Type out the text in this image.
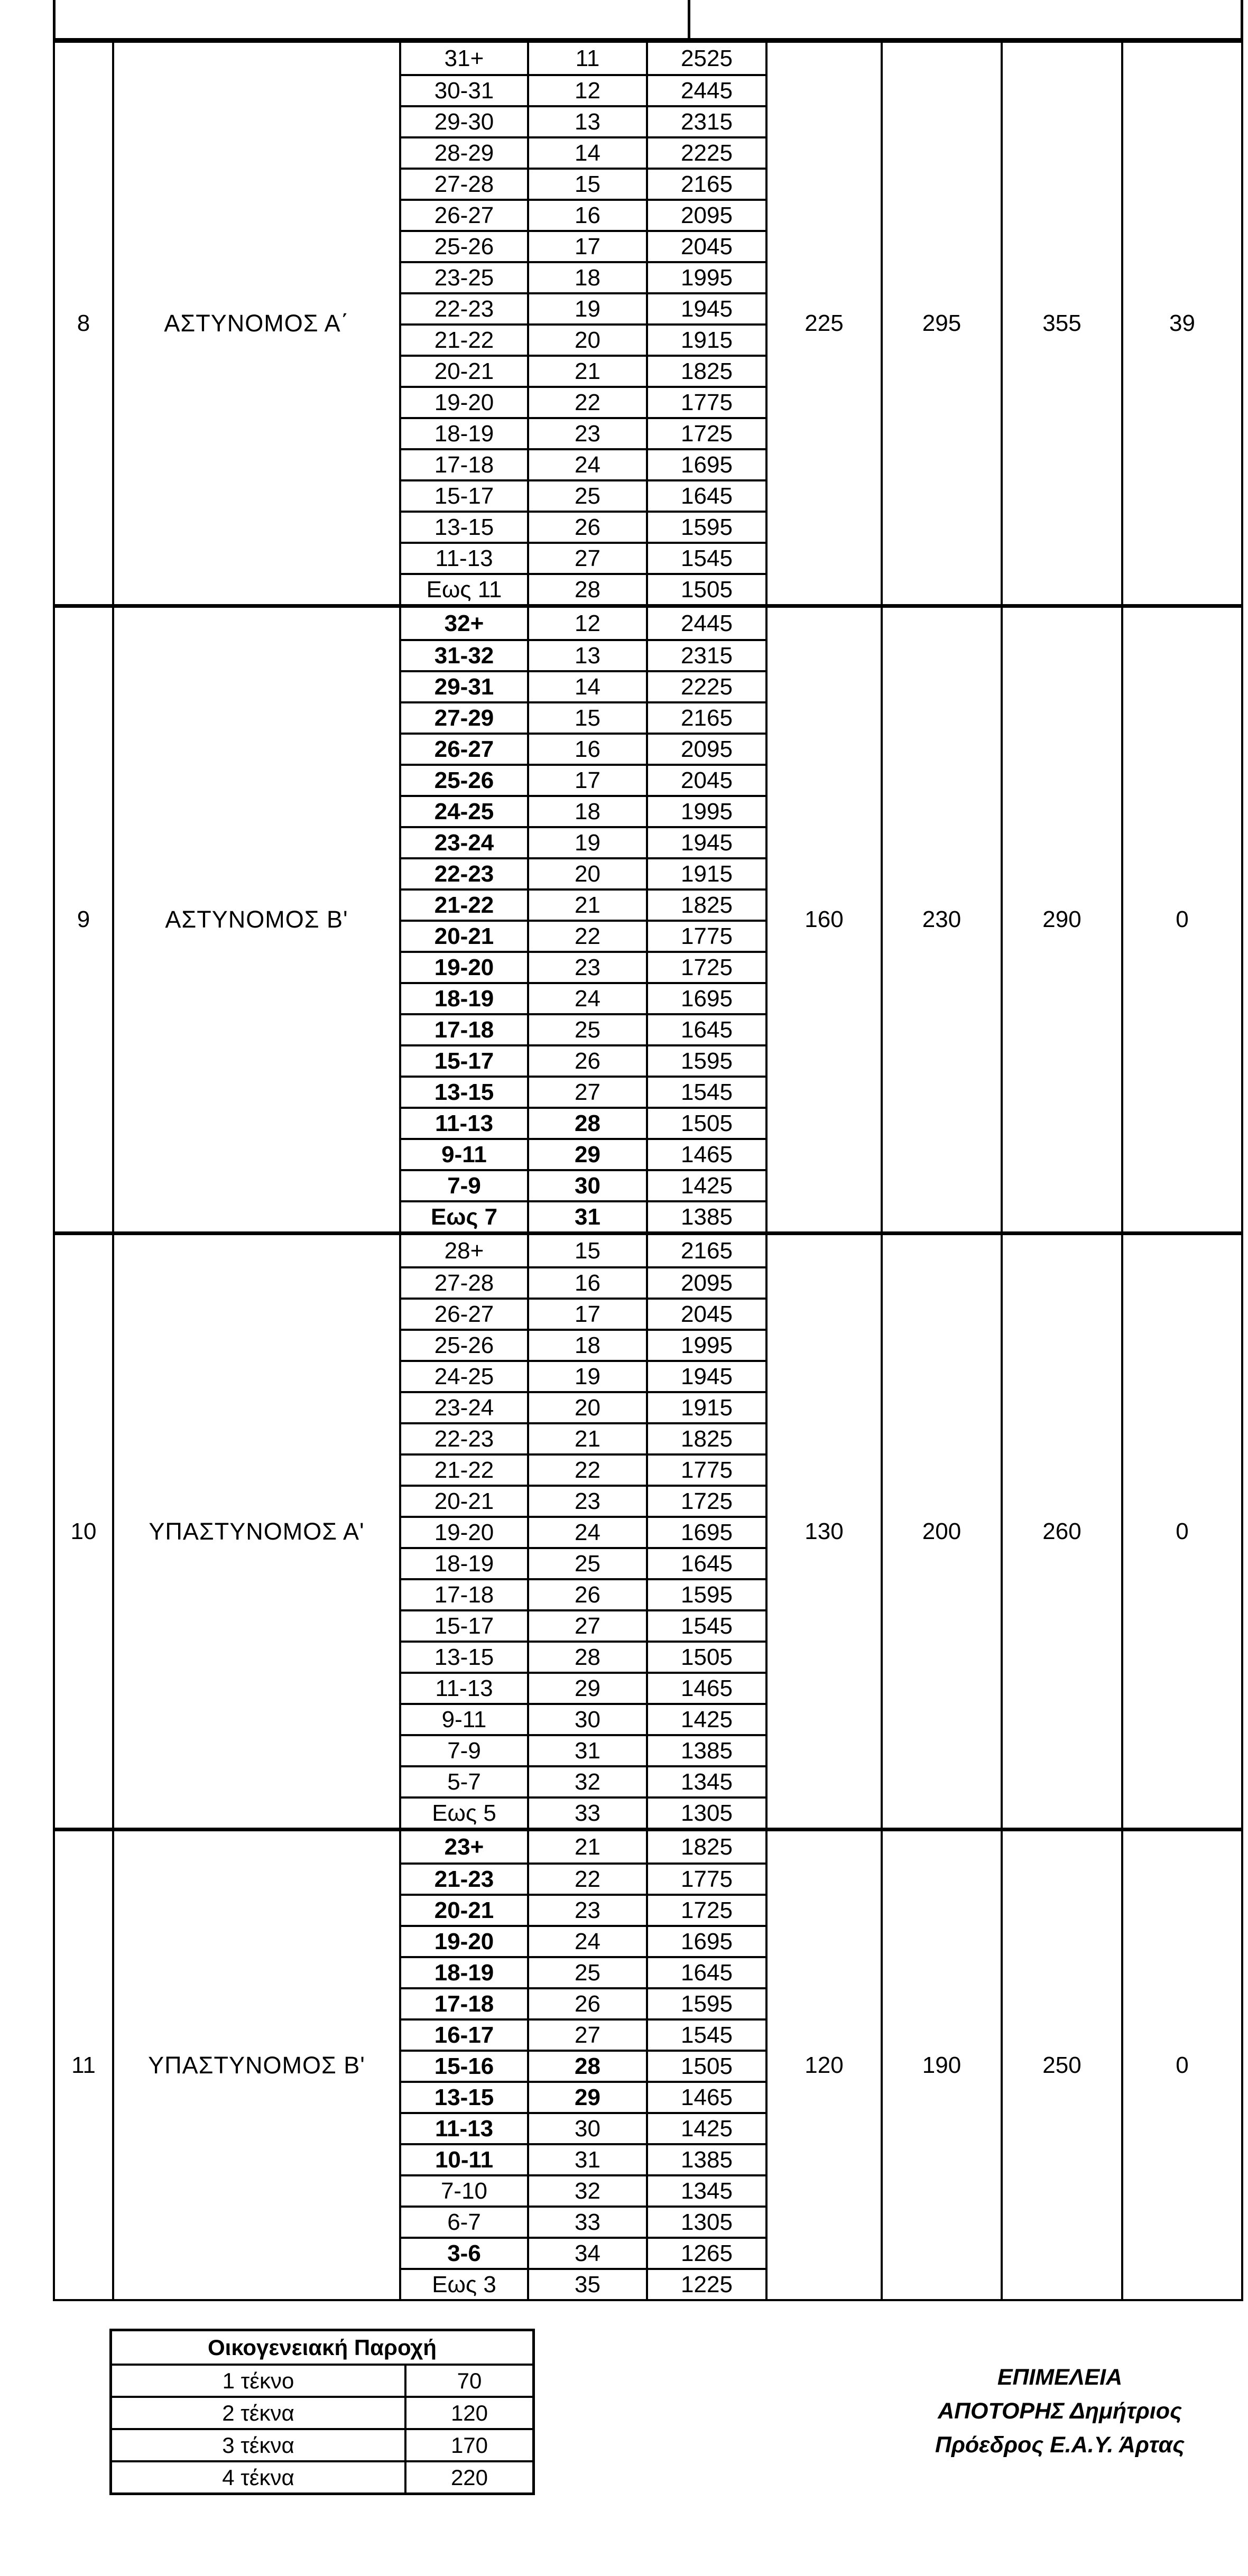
8	ΑΣΤΥΝΟΜΟΣ Α΄
31+	11	2525
30-31	12	2445
29-30	13	2315
28-29	14	2225
27-28	15	2165
26-27	16	2095
25-26	17	2045
23-25	18	1995
22-23	19	1945
21-22	20	1915
20-21	21	1825
19-20	22	1775
18-19	23	1725
17-18	24	1695
15-17	25	1645
13-15	26	1595
11-13	27	1545
Εως 11	28	1505
225	295	355	39
9	ΑΣΤΥΝΟΜΟΣ Β'
32+	12	2445
31-32	13	2315
29-31	14	2225
27-29	15	2165
26-27	16	2095
25-26	17	2045
24-25	18	1995
23-24	19	1945
22-23	20	1915
21-22	21	1825
20-21	22	1775
19-20	23	1725
18-19	24	1695
17-18	25	1645
15-17	26	1595
13-15	27	1545
11-13	28	1505
9-11	29	1465
7-9	30	1425
Εως 7	31	1385
160	230	290	0
10	ΥΠΑΣΤΥΝΟΜΟΣ Α'
28+	15	2165
27-28	16	2095
26-27	17	2045
25-26	18	1995
24-25	19	1945
23-24	20	1915
22-23	21	1825
21-22	22	1775
20-21	23	1725
19-20	24	1695
18-19	25	1645
17-18	26	1595
15-17	27	1545
13-15	28	1505
11-13	29	1465
9-11	30	1425
7-9	31	1385
5-7	32	1345
Εως 5	33	1305
130	200	260	0
11	ΥΠΑΣΤΥΝΟΜΟΣ Β'
23+	21	1825
21-23	22	1775
20-21	23	1725
19-20	24	1695
18-19	25	1645
17-18	26	1595
16-17	27	1545
15-16	28	1505
13-15	29	1465
11-13	30	1425
10-11	31	1385
7-10	32	1345
6-7	33	1305
3-6	34	1265
Εως 3	35	1225
120	190	250	0
Οικογενειακή Παροχή
1 τέκνο	70
2 τέκνα	120
3 τέκνα	170
4 τέκνα	220
ΕΠΙΜΕΛΕΙΑ
ΑΠΟΤΟΡΗΣ Δημήτριος
Πρόεδρος Ε.Α.Υ. Άρτας
